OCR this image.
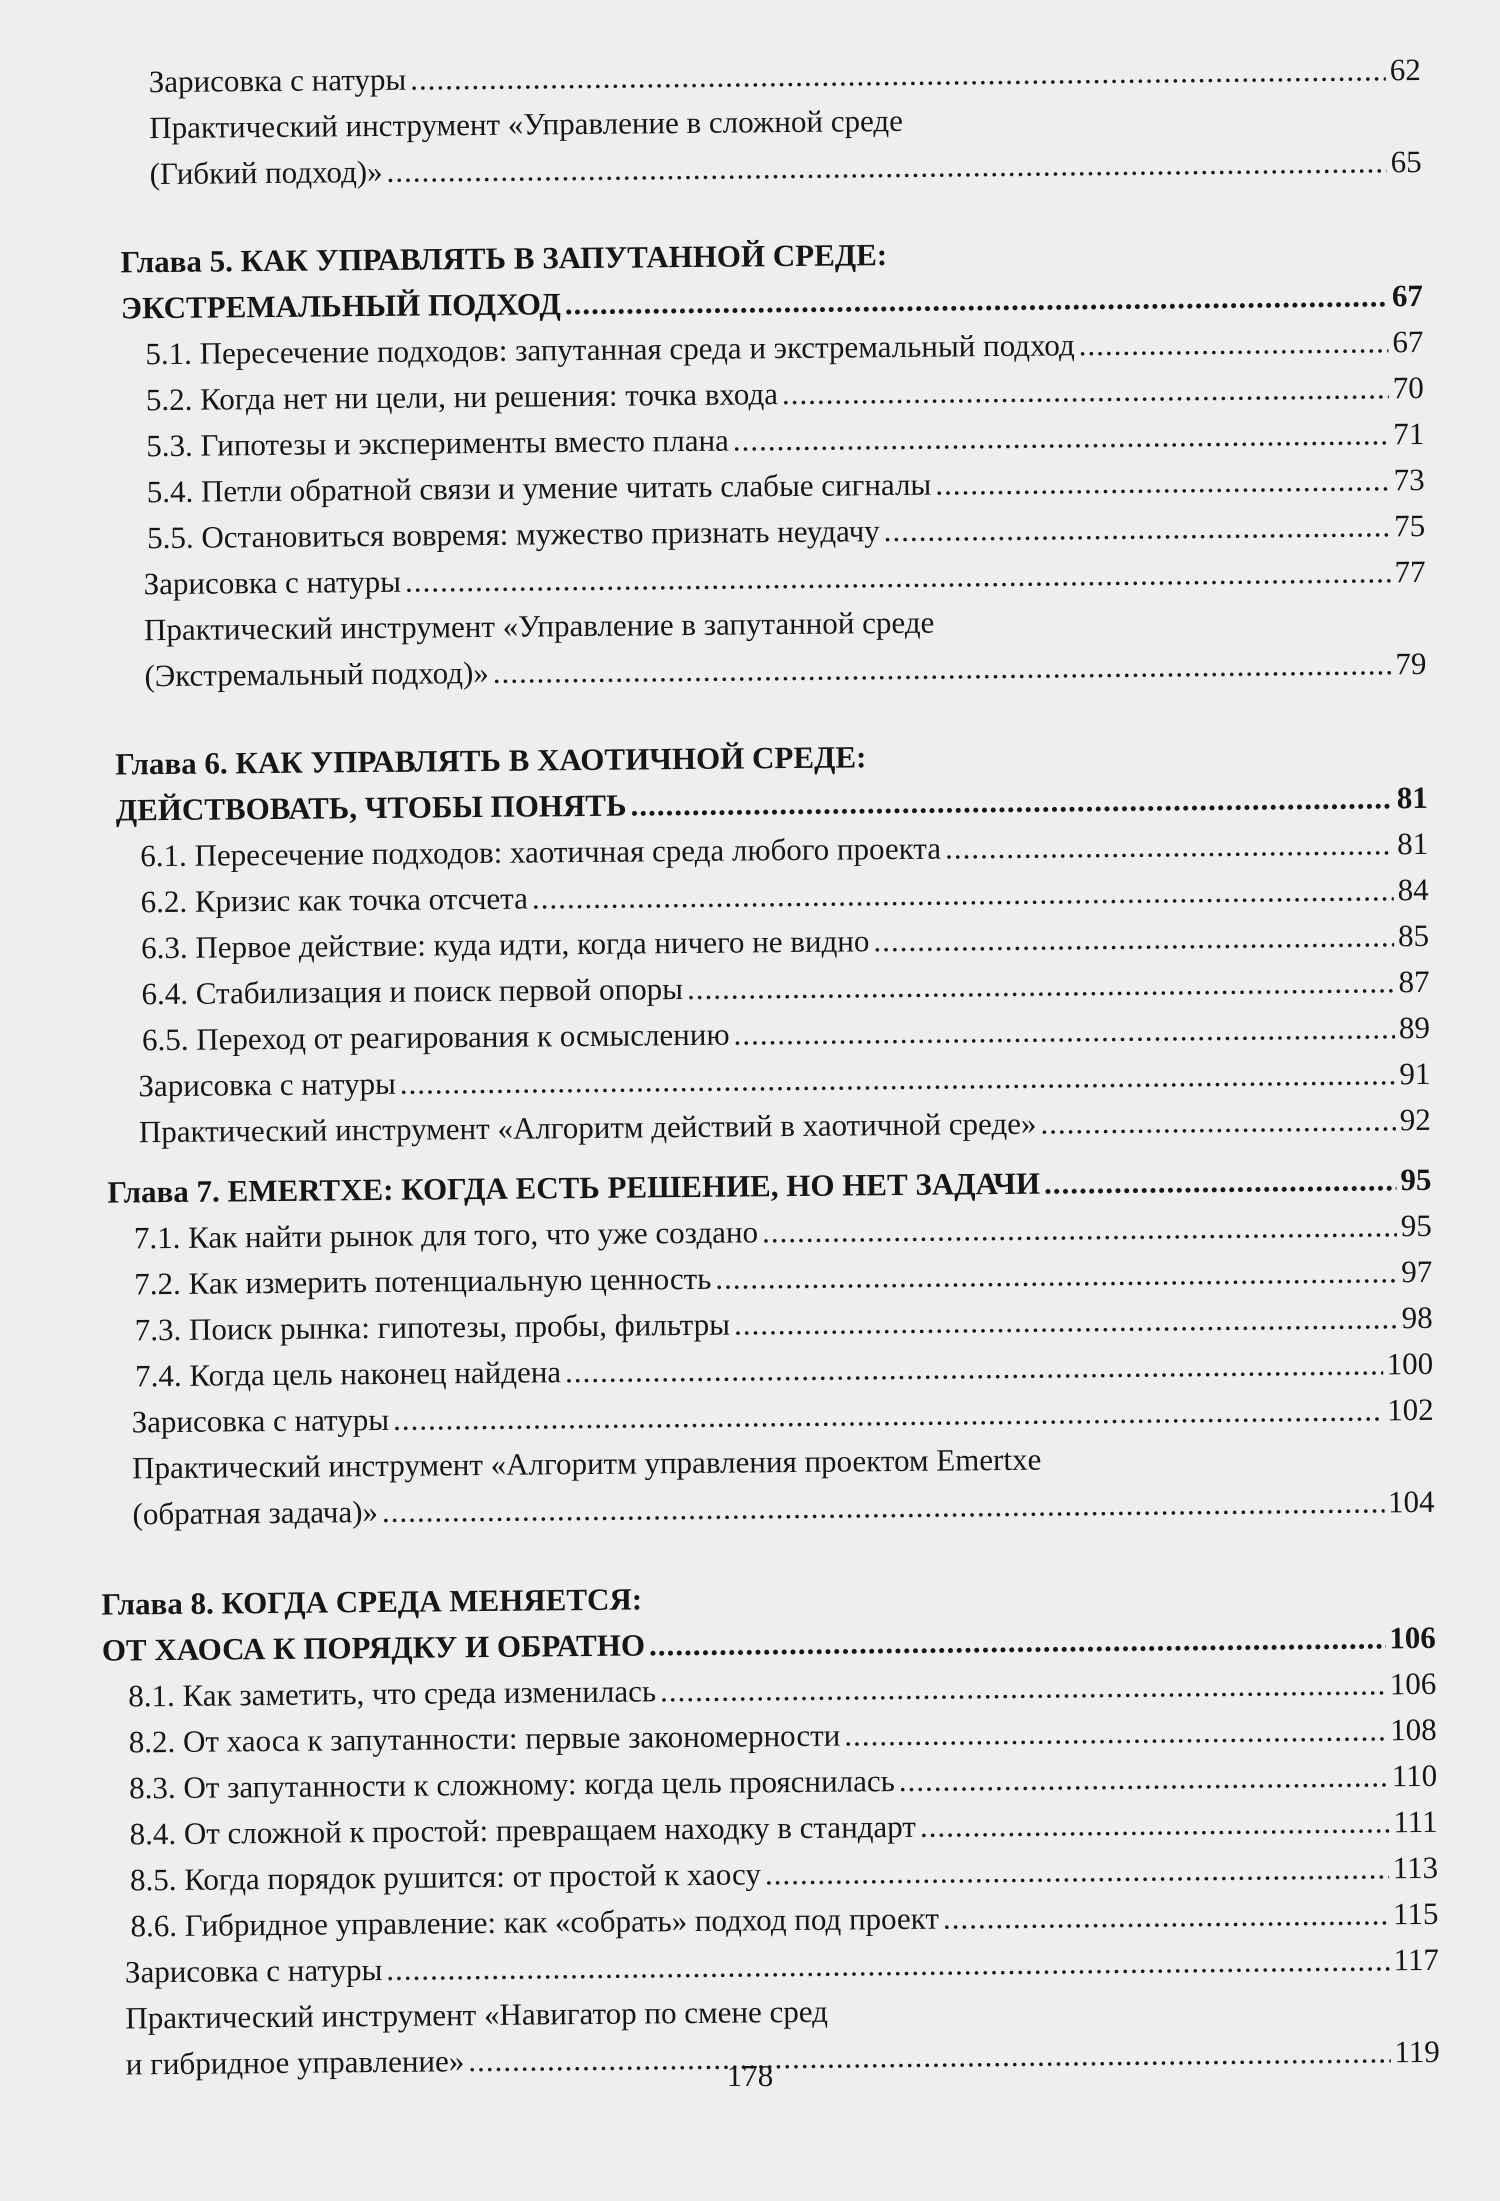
Зарисовка с натуры .....	62
Практический инструмент «Управление в сложной среде
(Гибкий подход)» .....	65
Глава 5. КАК УПРАВЛЯТЬ В ЗАПУТАННОЙ СРЕДЕ:
ЭКСТРЕМАЛЬНЫЙ ПОДХОД .....	67
5.1. Пересечение подходов: запутанная среда и экстремальный подход .....	67
5.2. Когда нет ни цели, ни решения: точка входа .....	70
5.3. Гипотезы и эксперименты вместо плана .....	71
5.4. Петли обратной связи и умение читать слабые сигналы .....	73
5.5. Остановиться вовремя: мужество признать неудачу .....	75
Зарисовка с натуры .....	77
Практический инструмент «Управление в запутанной среде
(Экстремальный подход)» .....	79
Глава 6. КАК УПРАВЛЯТЬ В ХАОТИЧНОЙ СРЕДЕ:
ДЕЙСТВОВАТЬ, ЧТОБЫ ПОНЯТЬ .....	81
6.1. Пересечение подходов: хаотичная среда любого проекта .....	81
6.2. Кризис как точка отсчета .....	84
6.3. Первое действие: куда идти, когда ничего не видно .....	85
6.4. Стабилизация и поиск первой опоры .....	87
6.5. Переход от реагирования к осмыслению .....	89
Зарисовка с натуры .....	91
Практический инструмент «Алгоритм действий в хаотичной среде» .....	92
Глава 7. EMERTXE: КОГДА ЕСТЬ РЕШЕНИЕ, НО НЕТ ЗАДАЧИ .....	95
7.1. Как найти рынок для того, что уже создано .....	95
7.2. Как измерить потенциальную ценность .....	97
7.3. Поиск рынка: гипотезы, пробы, фильтры .....	98
7.4. Когда цель наконец найдена .....	100
Зарисовка с натуры .....	102
Практический инструмент «Алгоритм управления проектом Emertxe
(обратная задача)» .....	104
Глава 8. КОГДА СРЕДА МЕНЯЕТСЯ:
ОТ ХАОСА К ПОРЯДКУ И ОБРАТНО .....	106
8.1. Как заметить, что среда изменилась .....	106
8.2. От хаоса к запутанности: первые закономерности .....	108
8.3. От запутанности к сложному: когда цель прояснилась .....	110
8.4. От сложной к простой: превращаем находку в стандарт .....	111
8.5. Когда порядок рушится: от простой к хаосу .....	113
8.6. Гибридное управление: как «собрать» подход под проект .....	115
Зарисовка с натуры .....	117
Практический инструмент «Навигатор по смене сред
и гибридное управление» .....	119
178
